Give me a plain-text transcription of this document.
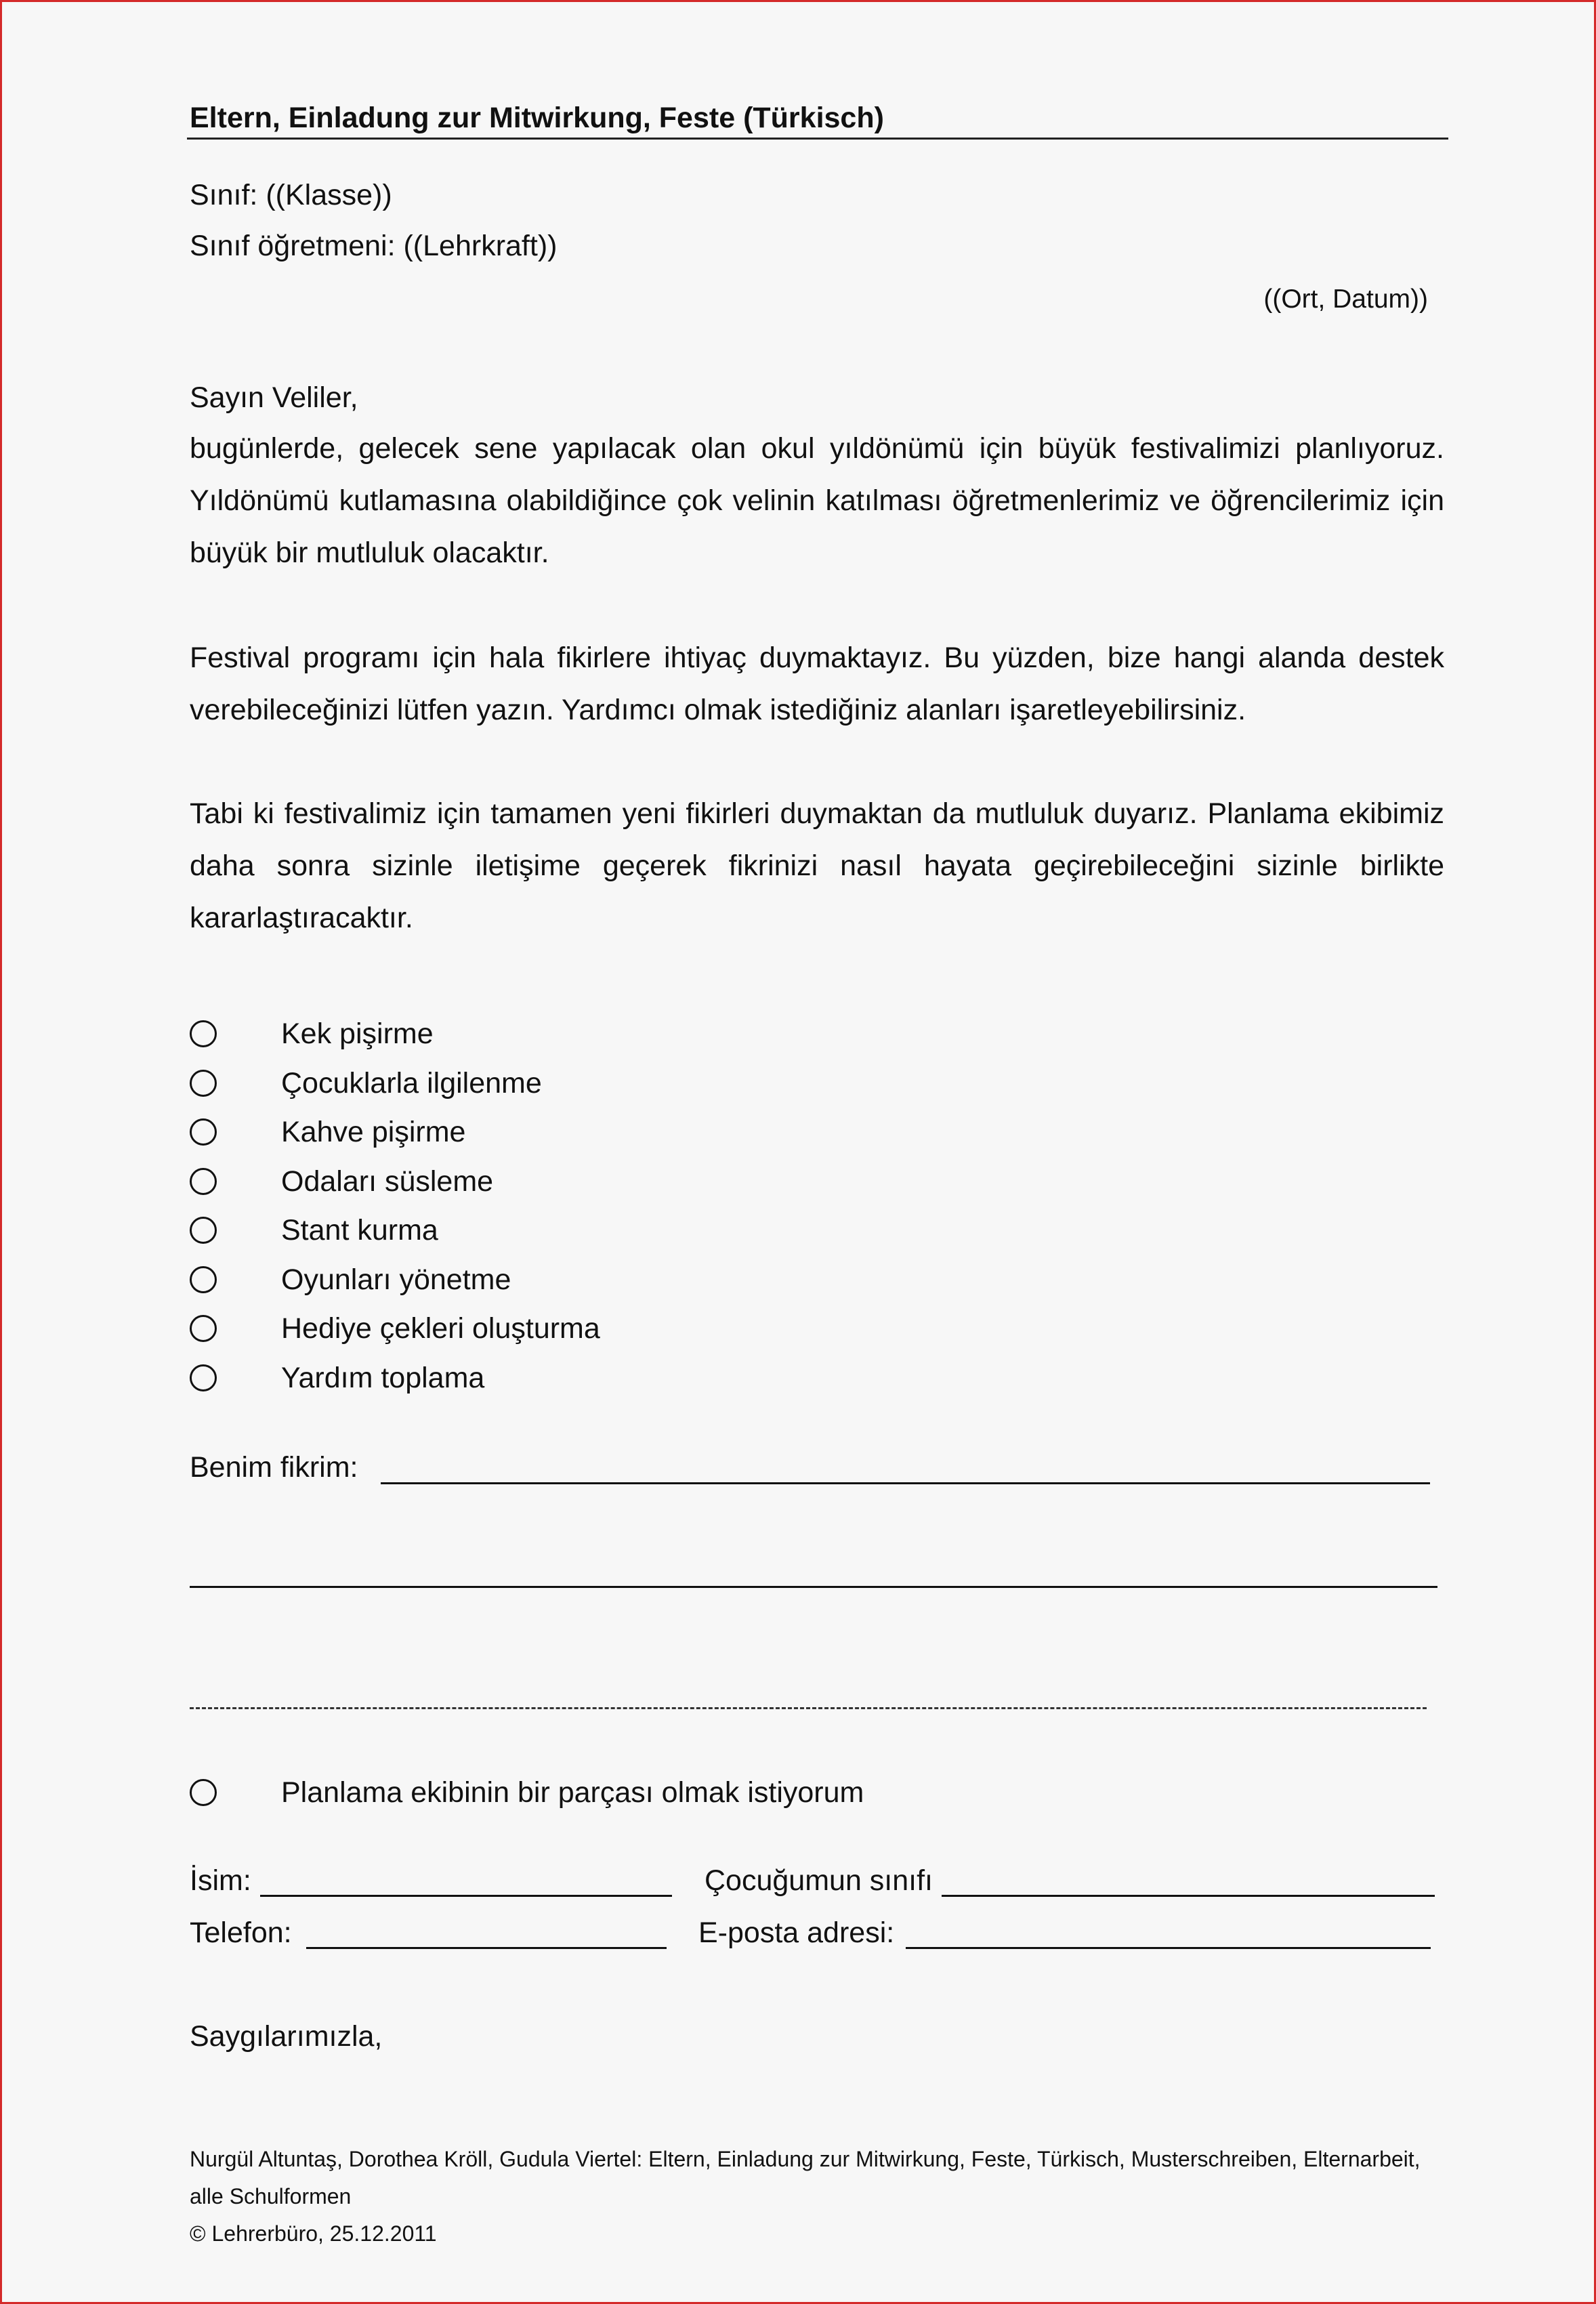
Eltern, Einladung zur Mitwirkung, Feste (Türkisch)
Sınıf: ((Klasse))
Sınıf öğretmeni: ((Lehrkraft))
((Ort, Datum))
Sayın Veliler,
bugünlerde, gelecek sene yapılacak olan okul yıldönümü için büyük festivalimizi planlıyoruz. Yıldönümü kutlamasına olabildiğince çok velinin katılması öğretmenlerimiz ve öğrencilerimiz için büyük bir mutluluk olacaktır.
Festival programı için hala fikirlere ihtiyaç duymaktayız. Bu yüzden, bize hangi alanda destek verebileceğinizi lütfen yazın. Yardımcı olmak istediğiniz alanları işaretleyebilirsiniz.
Tabi ki festivalimiz için tamamen yeni fikirleri duymaktan da mutluluk duyarız. Planlama ekibimiz daha sonra sizinle iletişime geçerek fikrinizi nasıl hayata geçirebileceğini sizinle birlikte kararlaştıracaktır.
Kek pişirme
Çocuklarla ilgilenme
Kahve pişirme
Odaları süsleme
Stant kurma
Oyunları yönetme
Hediye çekleri oluşturma
Yardım toplama
Benim fikrim:
Planlama ekibinin bir parçası olmak istiyorum
İsim:	Çocuğumun sınıfı
Telefon:	E-posta adresi:
Saygılarımızla,
Nurgül Altuntaş, Dorothea Kröll, Gudula Viertel: Eltern, Einladung zur Mitwirkung, Feste, Türkisch, Musterschreiben, Elternarbeit,
alle Schulformen
© Lehrerbüro, 25.12.2011
